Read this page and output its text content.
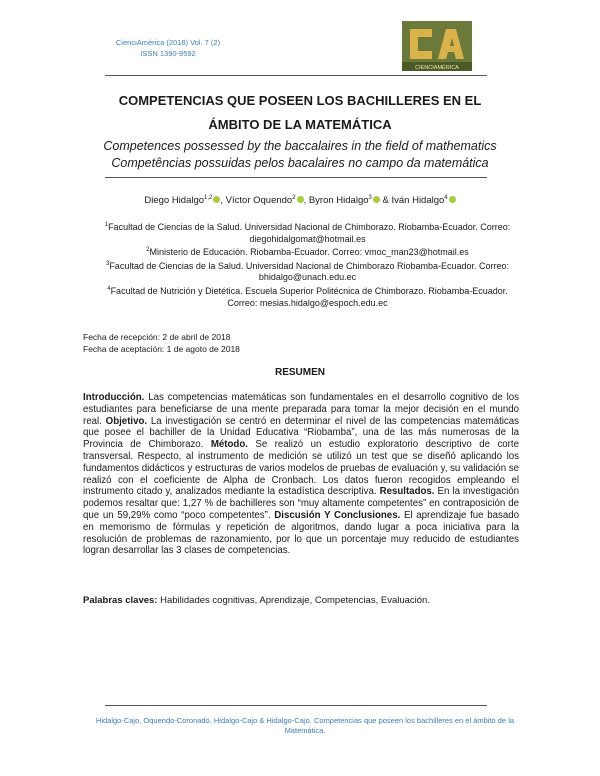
CienciAmérica (2018) Vol. 7 (2)
ISSN 1390-9592
CIENCIAMÉRICA
COMPETENCIAS QUE POSEEN LOS BACHILLERES EN EL
ÁMBITO DE LA MATEMÁTICA
Competences possessed by the baccalaires in the field of mathematics
Competências possuidas pelos bacalaires no campo da matemática
Diego Hidalgo$^{1,2}$ , Víctor Oquendo$^2$ , Byron Hidalgo$^3$ & Iván Hidalgo$^4$
$^1$Facultad de Ciencias de la Salud. Universidad Nacional de Chimborazo. Riobamba-Ecuador. Correo: diegohidalgomat@hotmail.es
$^2$Ministerio de Educación. Riobamba-Ecuador. Correo: vmoc_man23@hotmail.es
$^3$Facultad de Ciencias de la Salud. Universidad Nacional de Chimborazo Riobamba-Ecuador. Correo: bhidalgo@unach.edu.ec
$^4$Facultad de Nutrición y Dietética. Escuela Superior Politécnica de Chimborazo. Riobamba-Ecuador. Correo: mesias.hidalgo@espoch.edu.ec
Fecha de recepción: 2 de abril de 2018
Fecha de aceptación: 1 de agoto de 2018
RESUMEN
Introducción. Las competencias matemáticas son fundamentales en el desarrollo cognitivo de los estudiantes para beneficiarse de una mente preparada para tomar la mejor decisión en el mundo real. Objetivo. La investigación se centró en determinar el nivel de las competencias matemáticas que posee el bachiller de la Unidad Educativa “Riobamba”, una de las más numerosas de la Provincia de Chimborazo. Método. Se realizó un estudio exploratorio descriptivo de corte transversal. Respecto, al instrumento de medición se utilizó un test que se diseñó aplicando los fundamentos didácticos y estructuras de varios modelos de pruebas de evaluación y, su validación se realizó con el coeficiente de Alpha de Cronbach. Los datos fueron recogidos empleando el instrumento citado y, analizados mediante la estadística descriptiva. Resultados. En la investigación podemos resaltar que: 1,27 % de bachilleres son “muy altamente competentes” en contraposición de que un 59,29% como “poco competentes”. Discusión Y Conclusiones. El aprendizaje fue basado en memorismo de fórmulas y repetición de algoritmos, dando lugar a poca iniciativa para la resolución de problemas de razonamiento, por lo que un porcentaje muy reducido de estudiantes logran desarrollar las 3 clases de competencias.
Palabras claves: Habilidades cognitivas, Aprendizaje, Competencias, Evaluación.
Hidalgo-Cajo, Oquendo-Coronado, Hidalgo-Cajo & Hidalgo-Cajo. Competencias que poseen los bachilleres en el ámbito de la Matemática.
